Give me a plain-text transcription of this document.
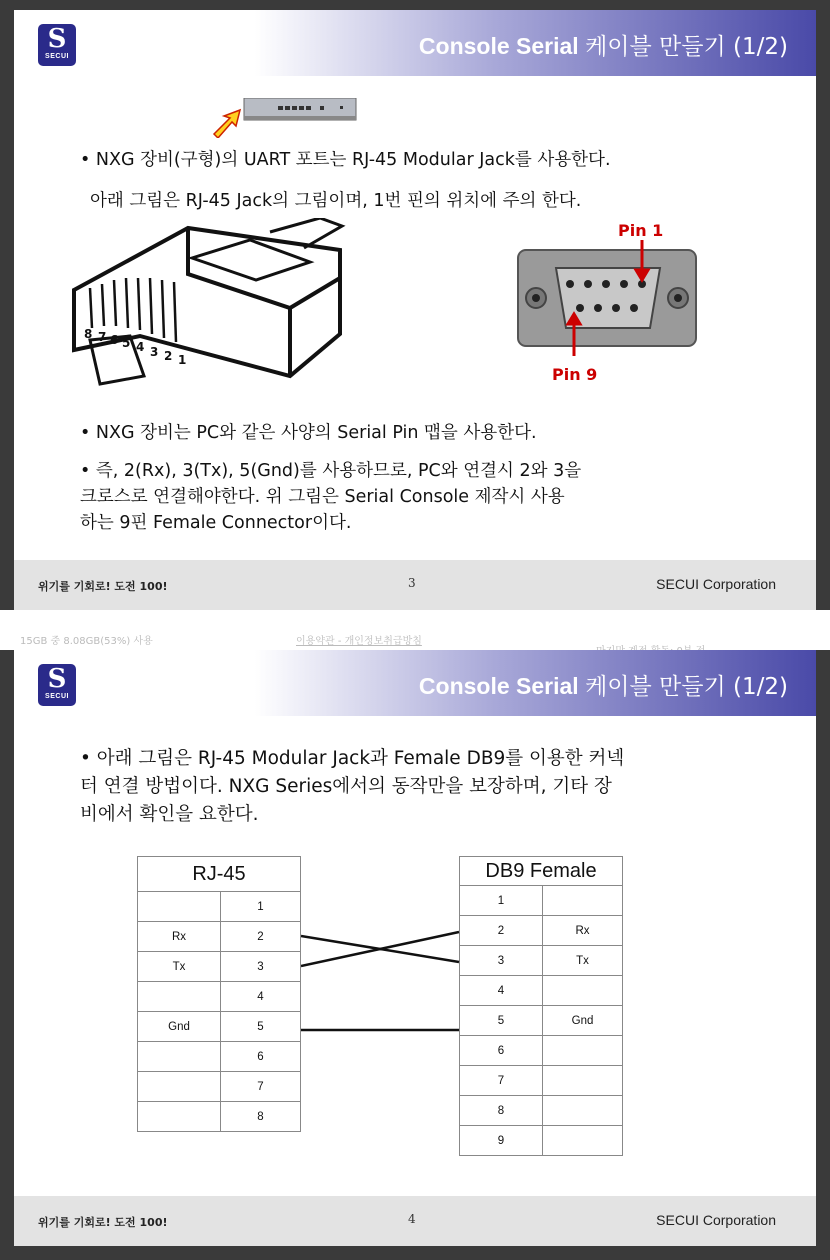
15GB 중 8.08GB(53%) 사용	이용약관 - 개인정보취급방침
S
SECUI	Console Serial 케이블 만들기 (1/2)
• NXG 장비(구형)의 UART 포트는 RJ-45 Modular Jack를 사용한다.
아래 그림은 RJ-45 Jack의 그림이며, 1번 핀의 위치에 주의 한다.
8 7 6 5 4 3 2 1
Pin 1
Pin 9
• NXG 장비는 PC와 같은 사양의 Serial Pin 맵을 사용한다.
• 즉, 2(Rx), 3(Tx), 5(Gnd)를 사용하므로, PC와 연결시 2와 3을
크로스로 연결해야한다. 위 그림은 Serial Console 제작시 사용
하는 9핀 Female Connector이다.
위기를 기회로! 도전 100!	3	SECUI Corporation
S
SECUI	Console Serial 케이블 만들기 (1/2)
• 아래 그림은 RJ-45 Modular Jack과 Female DB9를 이용한 커넥
터 연결 방법이다. NXG Series에서의 동작만을 보장하며, 기타 장
비에서 확인을 요한다.
RJ-45	
	1
Rx	2
Tx	3
	4
Gnd	5
	6
	7
	8
DB9 Female	
1	
2	Rx
3	Tx
4	
5	Gnd
6	
7	
8	
9	
위기를 기회로! 도전 100!	4	SECUI Corporation
